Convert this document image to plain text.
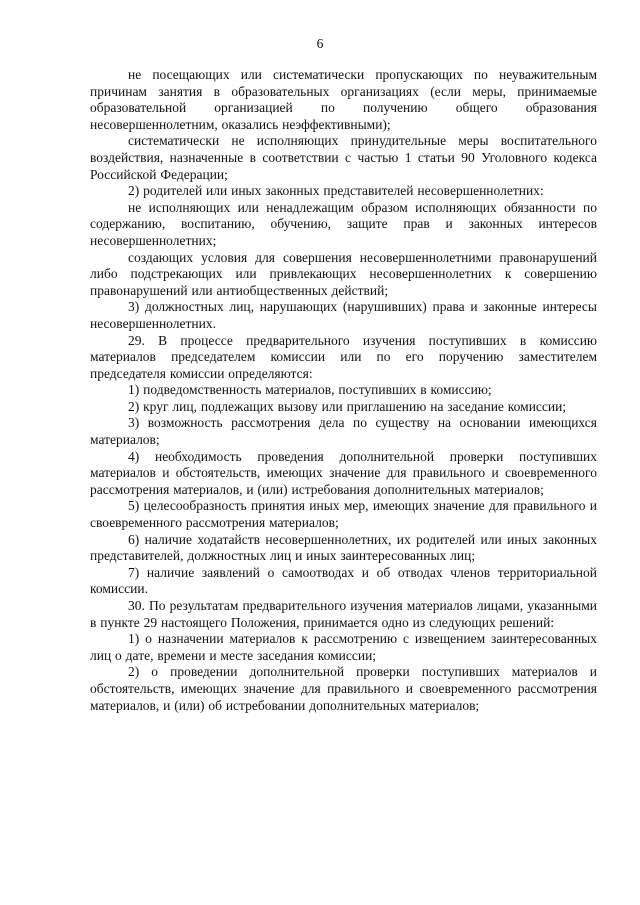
6

не посещающих или систематически пропускающих по неуважительным причинам занятия в образовательных организациях (если меры, принимаемые образовательной организацией по получению общего образования несовершеннолетним, оказались неэффективными);

систематически не исполняющих принудительные меры воспитательного воздействия, назначенные в соответствии с частью 1 статьи 90 Уголовного кодекса Российской Федерации;

2) родителей или иных законных представителей несовершеннолетних:

не исполняющих или ненадлежащим образом исполняющих обязанности по содержанию, воспитанию, обучению, защите прав и законных интересов несовершеннолетних;

создающих условия для совершения несовершеннолетними правонарушений либо подстрекающих или привлекающих несовершеннолетних к совершению правонарушений или антиобщественных действий;

3) должностных лиц, нарушающих (нарушивших) права и законные интересы несовершеннолетних.

29. В процессе предварительного изучения поступивших в комиссию материалов председателем комиссии или по его поручению заместителем председателя комиссии определяются:

1) подведомственность материалов, поступивших в комиссию;

2) круг лиц, подлежащих вызову или приглашению на заседание комиссии;

3) возможность рассмотрения дела по существу на основании имеющихся материалов;

4) необходимость проведения дополнительной проверки поступивших материалов и обстоятельств, имеющих значение для правильного и своевременного рассмотрения материалов, и (или) истребования дополнительных материалов;

5) целесообразность принятия иных мер, имеющих значение для правильного и своевременного рассмотрения материалов;

6) наличие ходатайств несовершеннолетних, их родителей или иных законных представителей, должностных лиц и иных заинтересованных лиц;

7) наличие заявлений о самоотводах и об отводах членов территориальной комиссии.

30. По результатам предварительного изучения материалов лицами, указанными в пункте 29 настоящего Положения, принимается одно из следующих решений:

1) о назначении материалов к рассмотрению с извещением заинтересованных лиц о дате, времени и месте заседания комиссии;

2) о проведении дополнительной проверки поступивших материалов и обстоятельств, имеющих значение для правильного и своевременного рассмотрения материалов, и (или) об истребовании дополнительных материалов;
